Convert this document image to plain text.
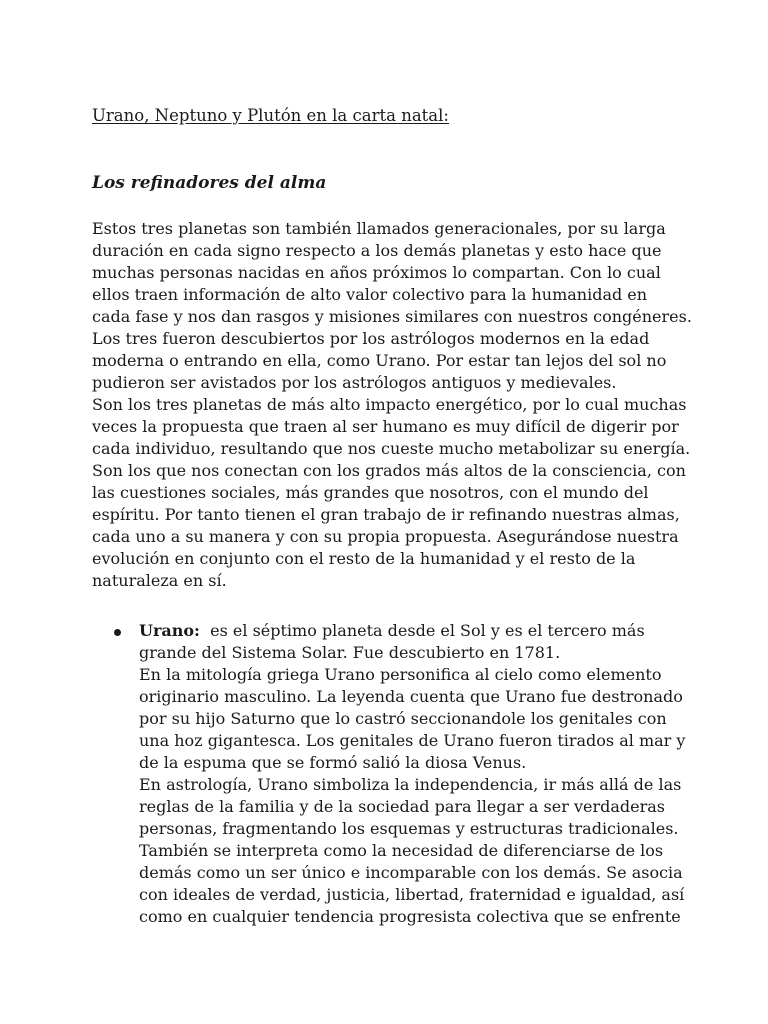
Urano, Neptuno y Plutón en la carta natal:
Los refinadores del alma
Estos tres planetas son también llamados generacionales, por su larga
duración en cada signo respecto a los demás planetas y esto hace que
muchas personas nacidas en años próximos lo compartan. Con lo cual
ellos traen información de alto valor colectivo para la humanidad en
cada fase y nos dan rasgos y misiones similares con nuestros congéneres.
Los tres fueron descubiertos por los astrólogos modernos en la edad
moderna o entrando en ella, como Urano. Por estar tan lejos del sol no
pudieron ser avistados por los astrólogos antiguos y medievales.
Son los tres planetas de más alto impacto energético, por lo cual muchas
veces la propuesta que traen al ser humano es muy difícil de digerir por
cada individuo, resultando que nos cueste mucho metabolizar su energía.
Son los que nos conectan con los grados más altos de la consciencia, con
las cuestiones sociales, más grandes que nosotros, con el mundo del
espíritu. Por tanto tienen el gran trabajo de ir refinando nuestras almas,
cada uno a su manera y con su propia propuesta. Asegurándose nuestra
evolución en conjunto con el resto de la humanidad y el resto de la
naturaleza en sí.
Urano:  es el séptimo planeta desde el Sol y es el tercero más
grande del Sistema Solar. Fue descubierto en 1781.
En la mitología griega Urano personifica al cielo como elemento
originario masculino. La leyenda cuenta que Urano fue destronado
por su hijo Saturno que lo castró seccionandole los genitales con
una hoz gigantesca. Los genitales de Urano fueron tirados al mar y
de la espuma que se formó salió la diosa Venus.
En astrología, Urano simboliza la independencia, ir más allá de las
reglas de la familia y de la sociedad para llegar a ser verdaderas
personas, fragmentando los esquemas y estructuras tradicionales.
También se interpreta como la necesidad de diferenciarse de los
demás como un ser único e incomparable con los demás. Se asocia
con ideales de verdad, justicia, libertad, fraternidad e igualdad, así
como en cualquier tendencia progresista colectiva que se enfrente
